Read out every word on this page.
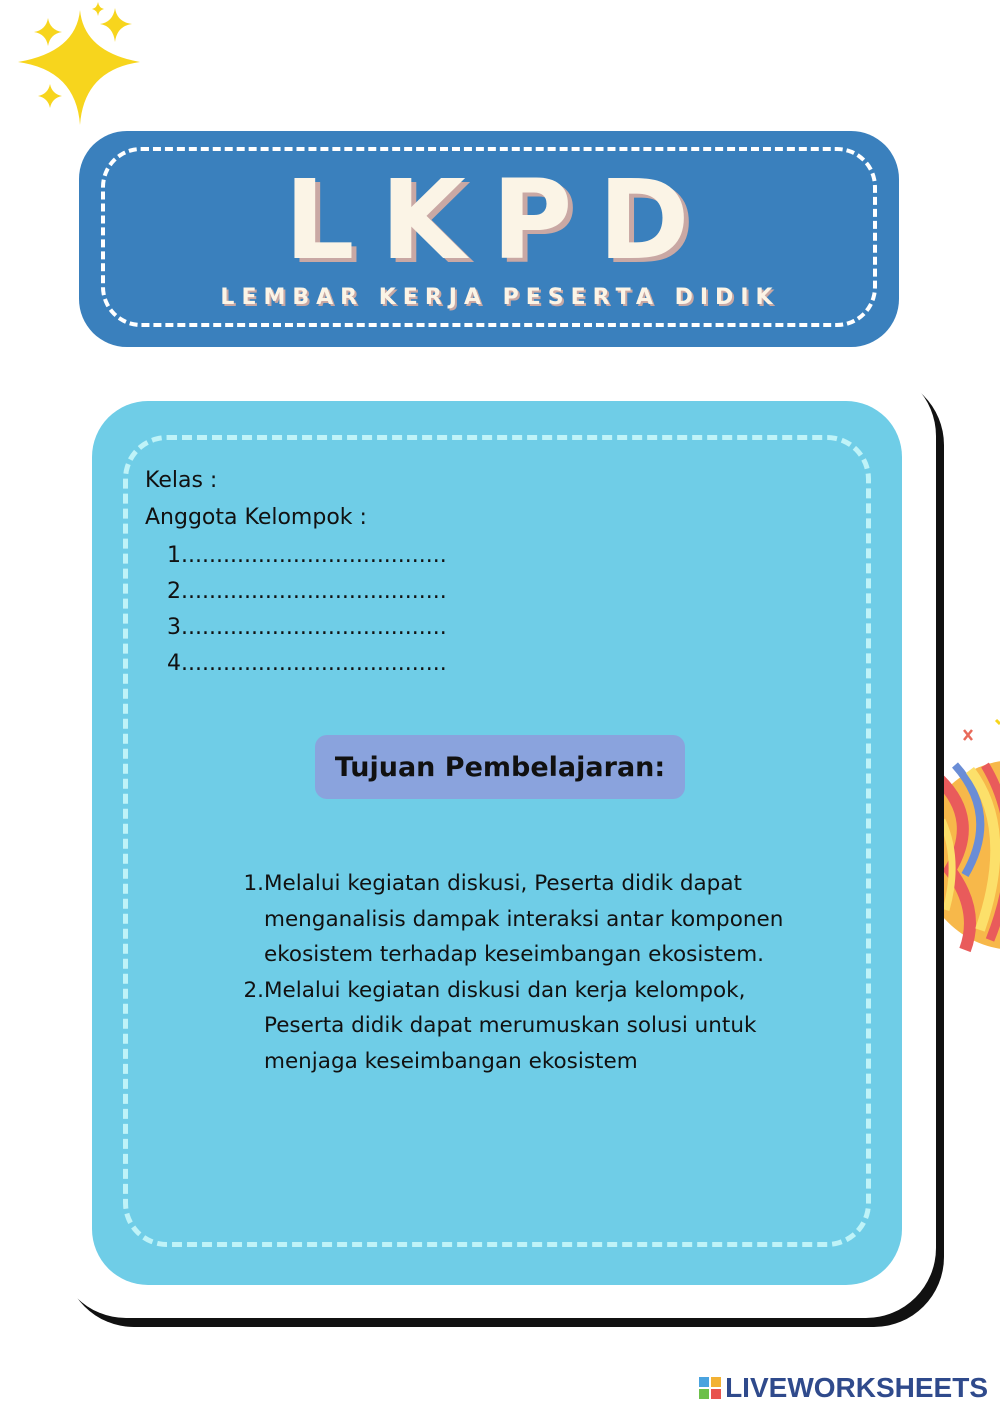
LKPD
LEMBAR KERJA PESERTA DIDIK
Kelas :
Anggota Kelompok :
1......................................
2......................................
3......................................
4......................................
Tujuan Pembelajaran:
1. Melalui kegiatan diskusi, Peserta didik dapat menganalisis dampak interaksi antar komponen ekosistem terhadap keseimbangan ekosistem.
2. Melalui kegiatan diskusi dan kerja kelompok, Peserta didik dapat merumuskan solusi untuk menjaga keseimbangan ekosistem
LIVEWORKSHEETS
